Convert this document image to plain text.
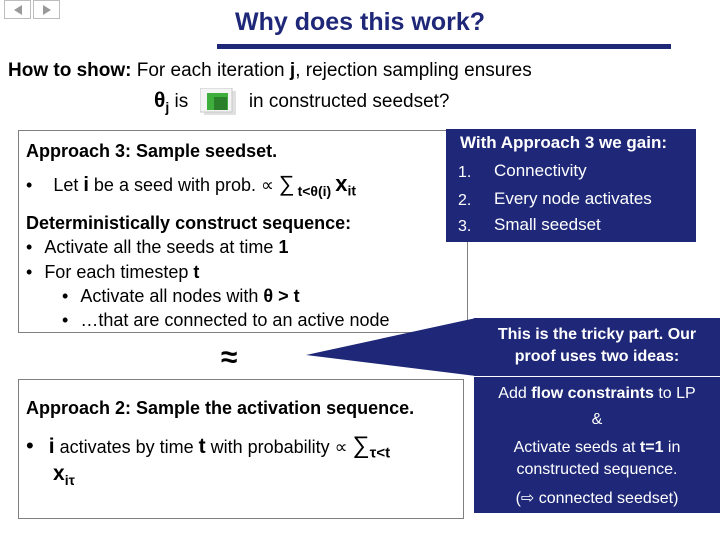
Why does this work?
How to show: For each iteration j, rejection sampling ensures
$\theta_j$ is	in constructed seedset?
Approach 3: Sample seedset.
• Let i be a seed with prob. ∝ ∑ $_{t<\theta(i)}$ $x_{it}$
Deterministically construct sequence:
• Activate all the seeds at time 1
• For each timestep t
• Activate all nodes with θ > t
• …that are connected to an active node
≈
Approach 2: Sample the activation sequence.
• i activates by time t with probability ∝ $\sum_{\tau<t}$
$x_{i\tau}$
With Approach 3 we gain:
1. Connectivity
2. Every node activates
3. Small seedset
This is the tricky part. Our
proof uses two ideas:
Add flow constraints to LP
&
Activate seeds at t=1 in
constructed sequence.
(⇨ connected seedset)
